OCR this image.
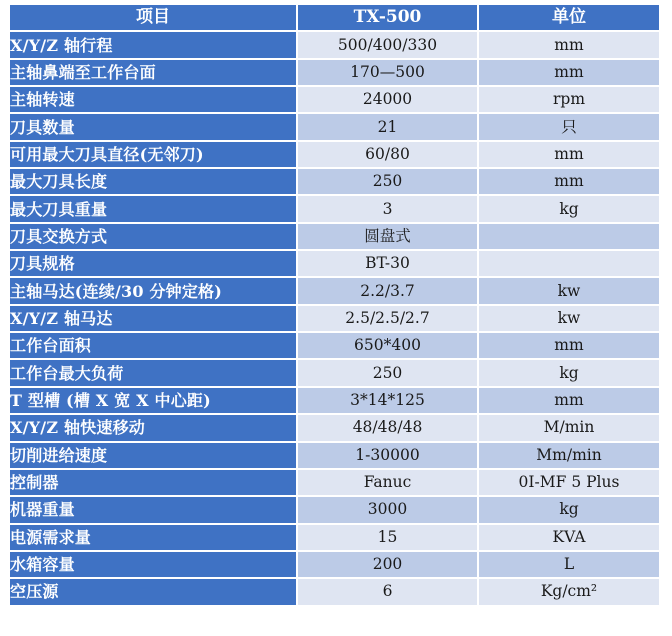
项目	TX-500	单位
X/Y/Z 轴行程	500/400/330	mm
主轴鼻端至工作台面	170—500	mm
主轴转速	24000	rpm
刀具数量	21	只
可用最大刀具直径(无邻刀)	60/80	mm
最大刀具长度	250	mm
最大刀具重量	3	kg
刀具交换方式	圆盘式	
刀具规格	BT-30	
主轴马达(连续/30 分钟定格)	2.2/3.7	kw
X/Y/Z 轴马达	2.5/2.5/2.7	kw
工作台面积	650*400	mm
工作台最大负荷	250	kg
T 型槽 (槽 X 宽 X 中心距)	3*14*125	mm
X/Y/Z 轴快速移动	48/48/48	M/min
切削进给速度	1-30000	Mm/min
控制器	Fanuc	0I-MF 5 Plus
机器重量	3000	kg
电源需求量	15	KVA
水箱容量	200	L
空压源	6	Kg/cm²
